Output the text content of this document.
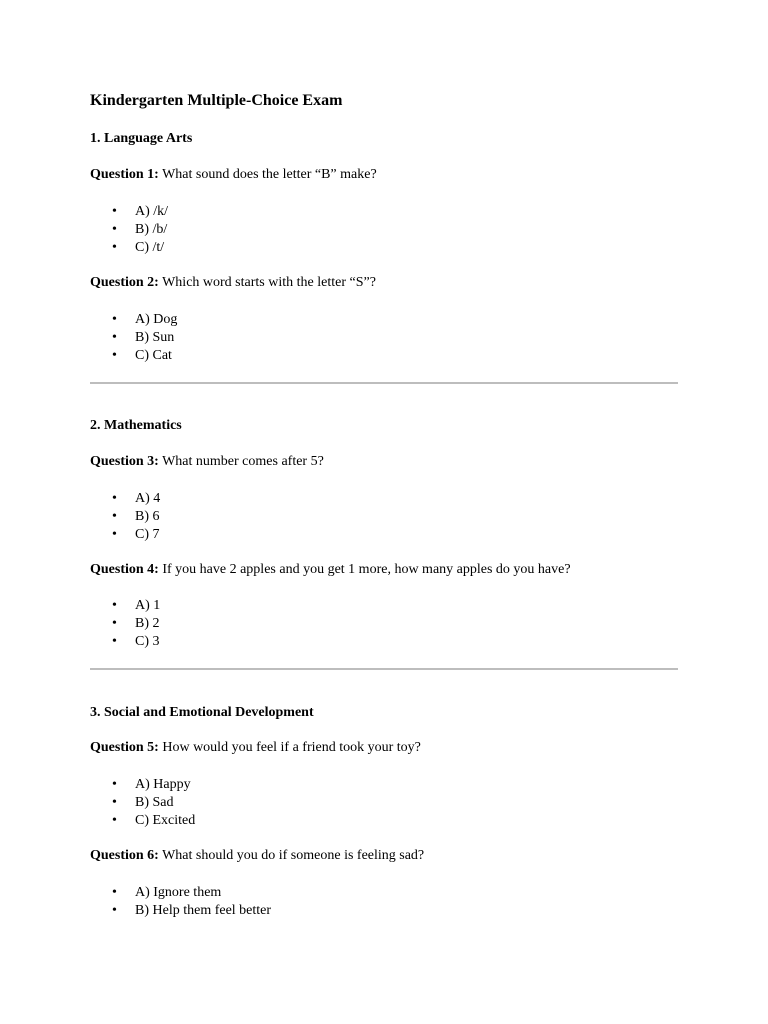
Kindergarten Multiple-Choice Exam
1. Language Arts

Question 1: What sound does the letter “B” make?

• A) /k/
• B) /b/
• C) /t/

Question 2: Which word starts with the letter “S”?

• A) Dog
• B) Sun
• C) Cat
2. Mathematics

Question 3: What number comes after 5?

• A) 4
• B) 6
• C) 7

Question 4: If you have 2 apples and you get 1 more, how many apples do you have?

• A) 1
• B) 2
• C) 3
3. Social and Emotional Development

Question 5: How would you feel if a friend took your toy?

• A) Happy
• B) Sad
• C) Excited

Question 6: What should you do if someone is feeling sad?

• A) Ignore them
• B) Help them feel better
